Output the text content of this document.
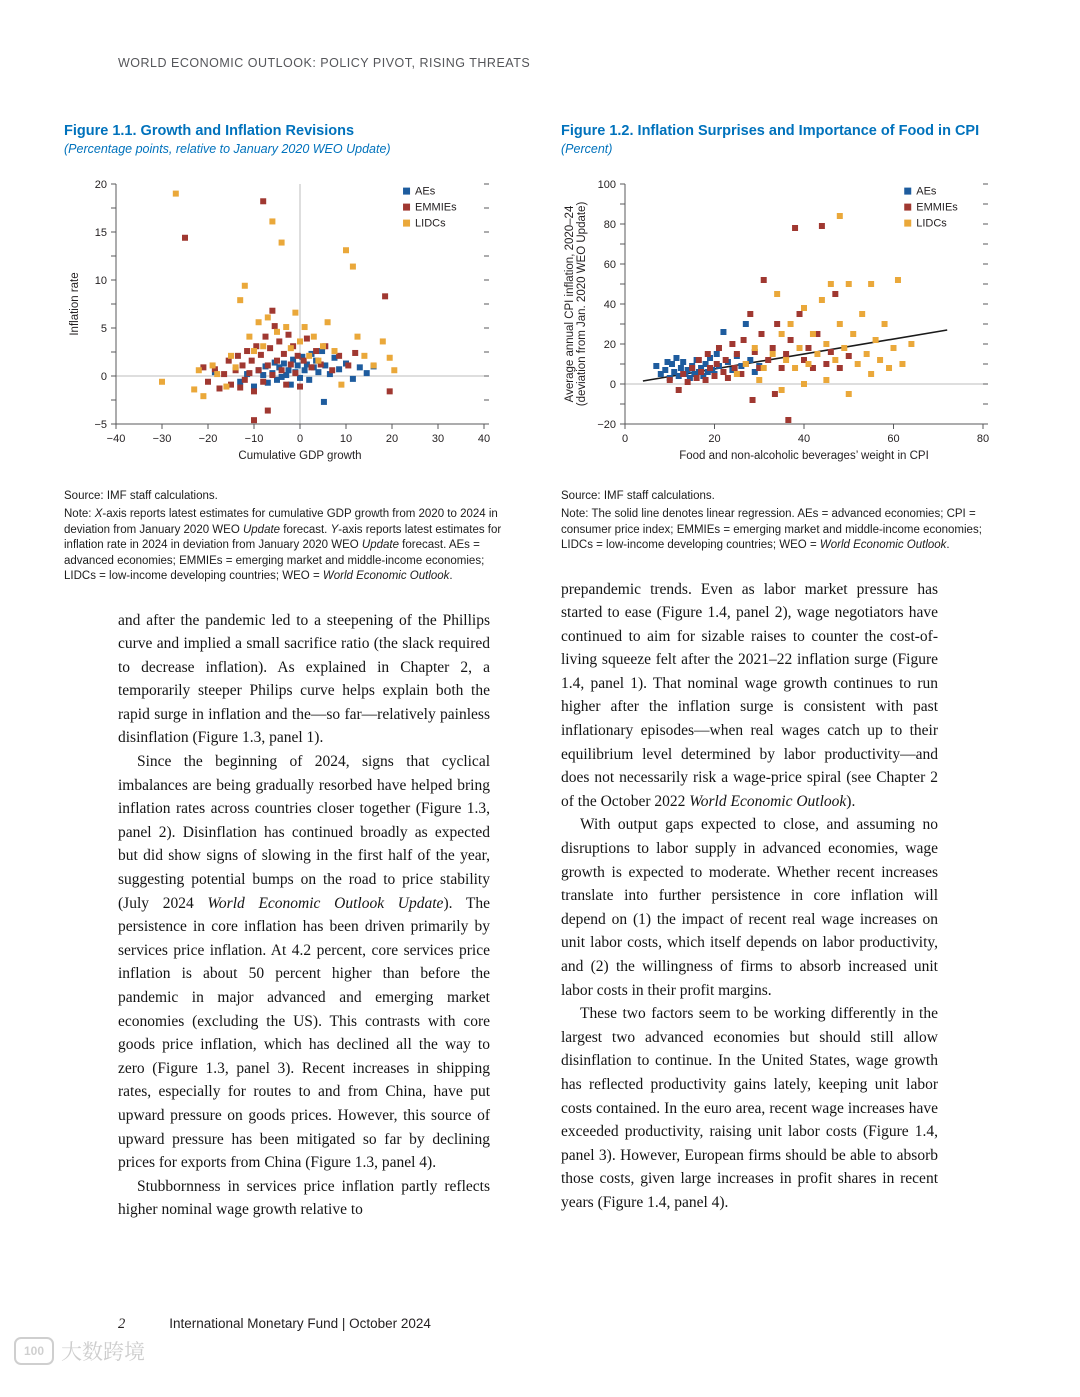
WORLD ECONOMIC OUTLOOK: POLICY PIVOT, RISING THREATS
Figure 1.1. Growth and Inflation Revisions
(Percentage points, relative to January 2020 WEO Update)
−5
0
5
10
15
20
−40 −30 −20 −10	0	10	20	30	40
Cumulative GDP growth
Inflation rate
AEs
EMMIEs
LIDCs
Source: IMF staff calculations.
Note: X-axis reports latest estimates for cumulative GDP growth from 2020 to 2024 in deviation from January 2020 WEO Update forecast. Y-axis reports latest estimates for inflation rate in 2024 in deviation from January 2020 WEO Update forecast. AEs = advanced economies; EMMIEs = emerging market and middle-income economies; LIDCs = low-income developing countries; WEO = World Economic Outlook.

and after the pandemic led to a steepening of the Phillips curve and implied a small sacrifice ratio (the slack required to decrease inflation). As explained in Chapter 2, a temporarily steeper Philips curve helps explain both the rapid surge in inflation and the—so far—relatively painless disinflation (Figure 1.3, panel 1).

Since the beginning of 2024, signs that cyclical imbalances are being gradually resorbed have helped bring inflation rates across countries closer together (Figure 1.3, panel 2). Disinflation has continued broadly as expected but did show signs of slowing in the first half of the year, suggesting potential bumps on the road to price stability (July 2024 World Economic Outlook Update). The persistence in core inflation has been driven primarily by services price inflation. At 4.2 percent, core services price inflation is about 50 percent higher than before the pandemic in major advanced and emerging market economies (excluding the US). This contrasts with core goods price inflation, which has declined all the way to zero (Figure 1.3, panel 3). Recent increases in shipping rates, especially for routes to and from China, have put upward pressure on goods prices. However, this source of upward pressure has been mitigated so far by declining prices for exports from China (Figure 1.3, panel 4).

Stubbornness in services price inflation partly reflects higher nominal wage growth relative to

Figure 1.2. Inflation Surprises and Importance of Food in CPI
(Percent)
−20
0
20
40
60
80
100
0	20	40	60	80
Food and non-alcoholic beverages’ weight in CPI
Average annual CPI inflation, 2020–24 (deviation from Jan. 2020 WEO Update)
AEs
EMMIEs
LIDCs
Source: IMF staff calculations.
Note: The solid line denotes linear regression. AEs = advanced economies; CPI = consumer price index; EMMIEs = emerging market and middle-income economies; LIDCs = low-income developing countries; WEO = World Economic Outlook.

prepandemic trends. Even as labor market pressure has started to ease (Figure 1.4, panel 2), wage negotiators have continued to aim for sizable raises to counter the cost-of-living squeeze felt after the 2021–22 inflation surge (Figure 1.4, panel 1). That nominal wage growth continues to run higher after the inflation surge is consistent with past inflationary episodes—when real wages catch up to their equilibrium level determined by labor productivity—and does not necessarily risk a wage-price spiral (see Chapter 2 of the October 2022 World Economic Outlook).

With output gaps expected to close, and assuming no disruptions to labor supply in advanced economies, wage growth is expected to moderate. Whether recent increases translate into further persistence in core inflation will depend on (1) the impact of recent real wage increases on unit labor costs, which itself depends on labor productivity, and (2) the willingness of firms to absorb increased unit labor costs in their profit margins.

These two factors seem to be working differently in the largest two advanced economies but should still allow disinflation to continue. In the United States, wage growth has reflected productivity gains lately, keeping unit labor costs contained. In the euro area, recent wage increases have exceeded productivity, raising unit labor costs (Figure 1.4, panel 3). However, European firms should be able to absorb those costs, given large increases in profit shares in recent years (Figure 1.4, panel 4).

2	International Monetary Fund | October 2024
100 大数跨境
